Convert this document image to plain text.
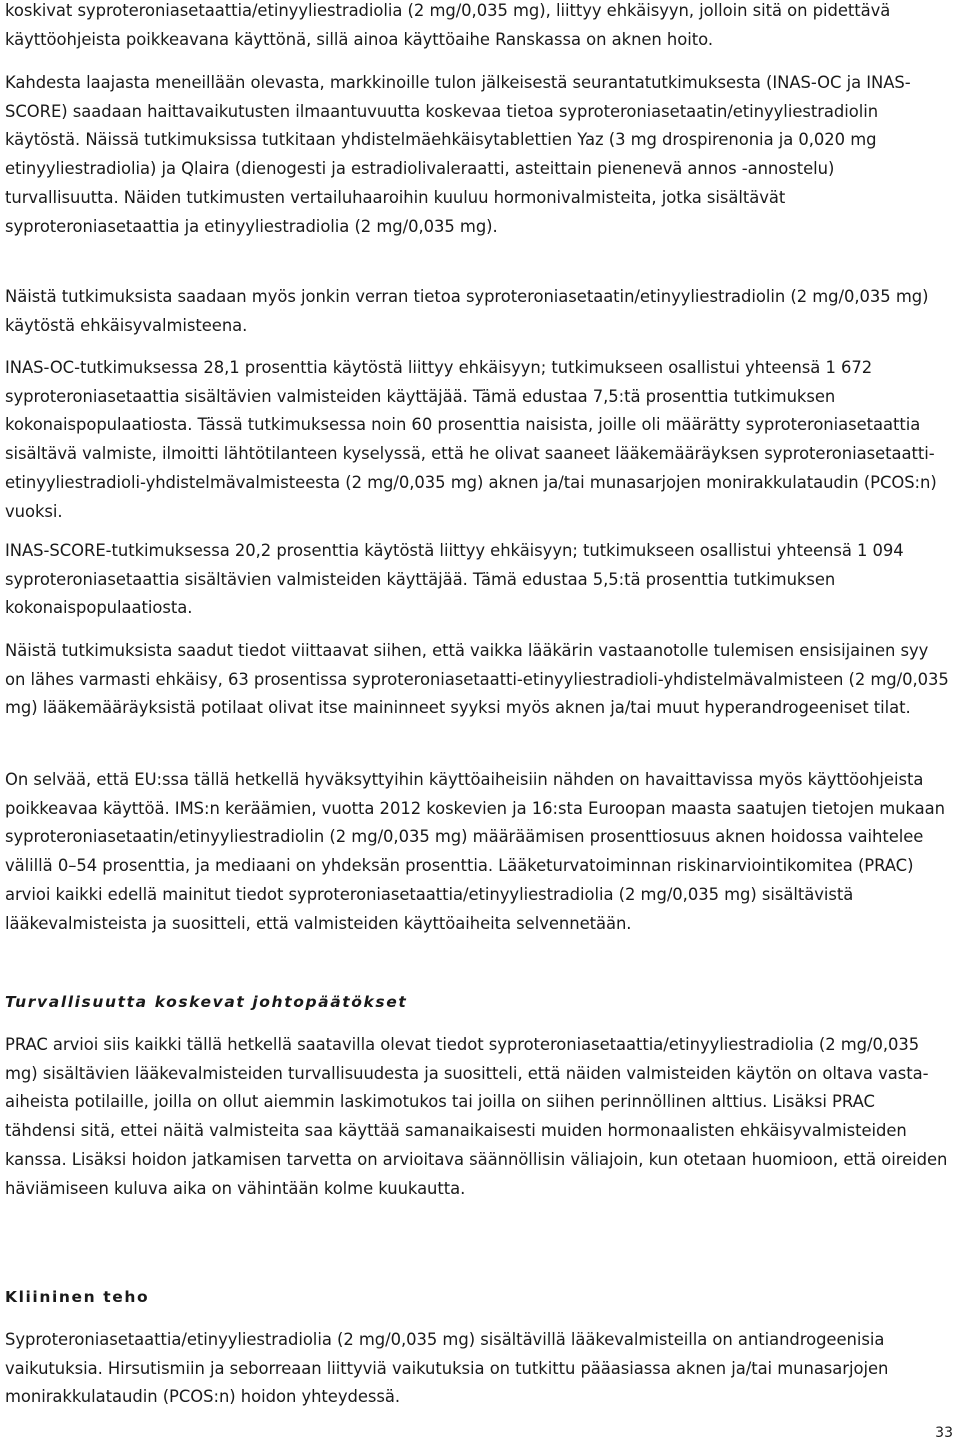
koskivat syproteroniasetaattia/etinyyliestradiolia (2 mg/0,035 mg), liittyy ehkäisyyn, jolloin sitä on pidettävä käyttöohjeista poikkeavana käyttönä, sillä ainoa käyttöaihe Ranskassa on aknen hoito.

Kahdesta laajasta meneillään olevasta, markkinoille tulon jälkeisestä seurantatutkimuksesta (INAS-OC ja INAS-SCORE) saadaan haittavaikutusten ilmaantuvuutta koskevaa tietoa syproteroniasetaatin/etinyyliestradiolin käytöstä. Näissä tutkimuksissa tutkitaan yhdistelmäehkäisytablettien Yaz (3 mg drospirenonia ja 0,020 mg etinyyliestradiolia) ja Qlaira (dienogesti ja estradiolivaleraatti, asteittain pienenevä annos -annostelu) turvallisuutta. Näiden tutkimusten vertailuhaaroihin kuuluu hormonivalmisteita, jotka sisältävät syproteroniasetaattia ja etinyyliestradiolia (2 mg/0,035 mg).

Näistä tutkimuksista saadaan myös jonkin verran tietoa syproteroniasetaatin/etinyyliestradiolin (2 mg/0,035 mg) käytöstä ehkäisyvalmisteena.

INAS-OC-tutkimuksessa 28,1 prosenttia käytöstä liittyy ehkäisyyn; tutkimukseen osallistui yhteensä 1 672 syproteroniasetaattia sisältävien valmisteiden käyttäjää. Tämä edustaa 7,5:tä prosenttia tutkimuksen kokonaispopulaatiosta. Tässä tutkimuksessa noin 60 prosenttia naisista, joille oli määrätty syproteroniasetaattia sisältävä valmiste, ilmoitti lähtötilanteen kyselyssä, että he olivat saaneet lääkemääräyksen syproteroniasetaatti-etinyyliestradioli-yhdistelmävalmisteesta (2 mg/0,035 mg) aknen ja/tai munasarjojen monirakkulataudin (PCOS:n) vuoksi.

INAS-SCORE-tutkimuksessa 20,2 prosenttia käytöstä liittyy ehkäisyyn; tutkimukseen osallistui yhteensä 1 094 syproteroniasetaattia sisältävien valmisteiden käyttäjää. Tämä edustaa 5,5:tä prosenttia tutkimuksen kokonaispopulaatiosta.

Näistä tutkimuksista saadut tiedot viittaavat siihen, että vaikka lääkärin vastaanotolle tulemisen ensisijainen syy on lähes varmasti ehkäisy, 63 prosentissa syproteroniasetaatti-etinyyliestradioli-yhdistelmävalmisteen (2 mg/0,035 mg) lääkemääräyksistä potilaat olivat itse maininneet syyksi myös aknen ja/tai muut hyperandrogeeniset tilat.

On selvää, että EU:ssa tällä hetkellä hyväksyttyihin käyttöaiheisiin nähden on havaittavissa myös käyttöohjeista poikkeavaa käyttöä. IMS:n keräämien, vuotta 2012 koskevien ja 16:sta Euroopan maasta saatujen tietojen mukaan syproteroniasetaatin/etinyyliestradiolin (2 mg/0,035 mg) määräämisen prosenttiosuus aknen hoidossa vaihtelee välillä 0–54 prosenttia, ja mediaani on yhdeksän prosenttia. Lääketurvatoiminnan riskinarviointikomitea (PRAC) arvioi kaikki edellä mainitut tiedot syproteroniasetaattia/etinyyliestradiolia (2 mg/0,035 mg) sisältävistä lääkevalmisteista ja suositteli, että valmisteiden käyttöaiheita selvennetään.

Turvallisuutta koskevat johtopäätökset

PRAC arvioi siis kaikki tällä hetkellä saatavilla olevat tiedot syproteroniasetaattia/etinyyliestradiolia (2 mg/0,035 mg) sisältävien lääkevalmisteiden turvallisuudesta ja suositteli, että näiden valmisteiden käytön on oltava vasta-aiheista potilaille, joilla on ollut aiemmin laskimotukos tai joilla on siihen perinnöllinen alttius. Lisäksi PRAC tähdensi sitä, ettei näitä valmisteita saa käyttää samanaikaisesti muiden hormonaalisten ehkäisyvalmisteiden kanssa. Lisäksi hoidon jatkamisen tarvetta on arvioitava säännöllisin väliajoin, kun otetaan huomioon, että oireiden häviämiseen kuluva aika on vähintään kolme kuukautta.

Kliininen teho

Syproteroniasetaattia/etinyyliestradiolia (2 mg/0,035 mg) sisältävillä lääkevalmisteilla on antiandrogeenisia vaikutuksia. Hirsutismiin ja seborreaan liittyviä vaikutuksia on tutkittu pääasiassa aknen ja/tai munasarjojen monirakkulataudin (PCOS:n) hoidon yhteydessä.

33
